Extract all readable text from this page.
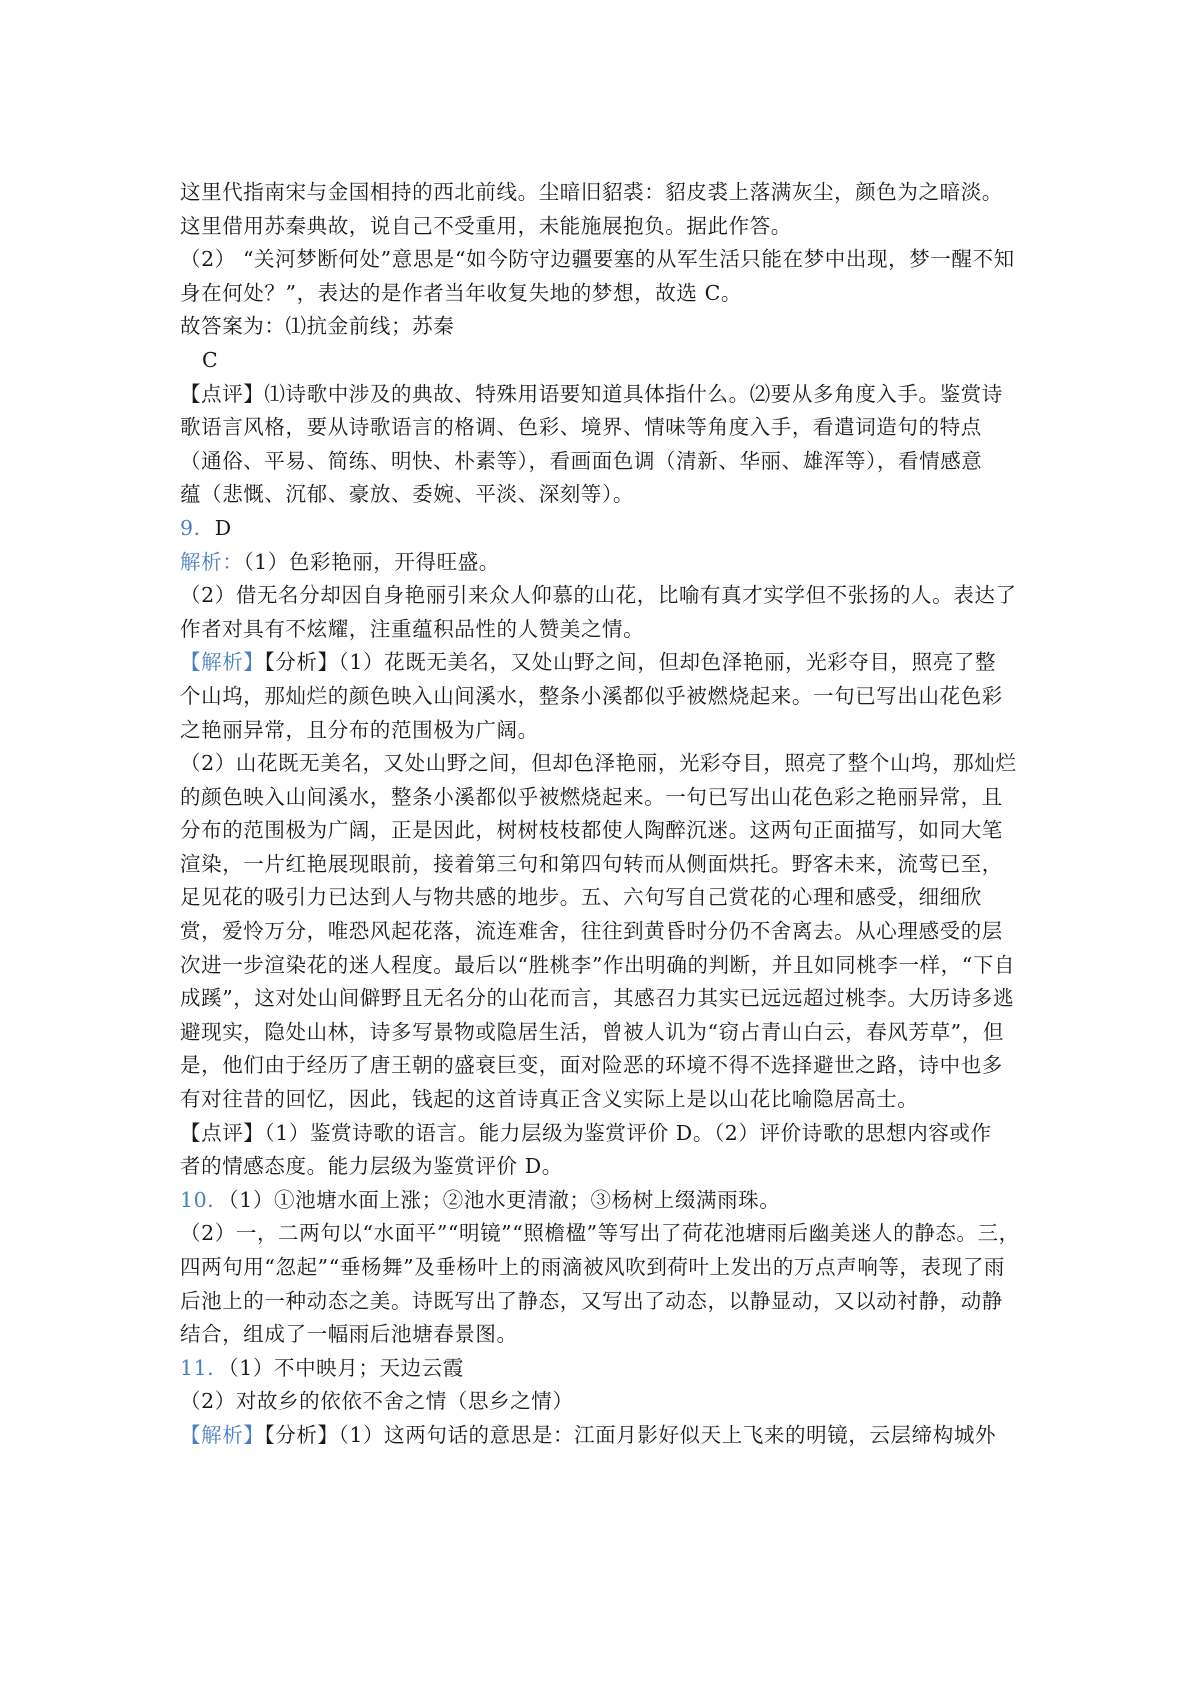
这里代指南宋与金国相持的西北前线。尘暗旧貂裘：貂皮裘上落满灰尘，颜色为之暗淡。
这里借用苏秦典故，说自己不受重用，未能施展抱负。据此作答。
（2） “关河梦断何处”意思是“如今防守边疆要塞的从军生活只能在梦中出现，梦一醒不知
身在何处？”，表达的是作者当年收复失地的梦想，故选 C。
故答案为：⑴抗金前线；苏秦
C
【点评】⑴诗歌中涉及的典故、特殊用语要知道具体指什么。⑵要从多角度入手。鉴赏诗
歌语言风格，要从诗歌语言的格调、色彩、境界、情味等角度入手，看遣词造句的特点
（通俗、平易、简练、明快、朴素等），看画面色调（清新、华丽、雄浑等），看情感意
蕴（悲慨、沉郁、豪放、委婉、平淡、深刻等）。
9．D
解析：（1）色彩艳丽，开得旺盛。
（2）借无名分却因自身艳丽引来众人仰慕的山花，比喻有真才实学但不张扬的人。表达了
作者对具有不炫耀，注重蕴积品性的人赞美之情。
【解析】【分析】（1）花既无美名，又处山野之间，但却色泽艳丽，光彩夺目，照亮了整
个山坞，那灿烂的颜色映入山间溪水，整条小溪都似乎被燃烧起来。一句已写出山花色彩
之艳丽异常，且分布的范围极为广阔。
（2）山花既无美名，又处山野之间，但却色泽艳丽，光彩夺目，照亮了整个山坞，那灿烂
的颜色映入山间溪水，整条小溪都似乎被燃烧起来。一句已写出山花色彩之艳丽异常，且
分布的范围极为广阔，正是因此，树树枝枝都使人陶醉沉迷。这两句正面描写，如同大笔
渲染，一片红艳展现眼前，接着第三句和第四句转而从侧面烘托。野客未来，流莺已至，
足见花的吸引力已达到人与物共感的地步。五、六句写自己赏花的心理和感受，细细欣
赏，爱怜万分，唯恐风起花落，流连难舍，往往到黄昏时分仍不舍离去。从心理感受的层
次进一步渲染花的迷人程度。最后以“胜桃李”作出明确的判断，并且如同桃李一样，“下自
成蹊”，这对处山间僻野且无名分的山花而言，其感召力其实已远远超过桃李。大历诗多逃
避现实，隐处山林，诗多写景物或隐居生活，曾被人讥为“窃占青山白云，春风芳草”，但
是，他们由于经历了唐王朝的盛衰巨变，面对险恶的环境不得不选择避世之路，诗中也多
有对往昔的回忆，因此，钱起的这首诗真正含义实际上是以山花比喻隐居高士。
【点评】（1）鉴赏诗歌的语言。能力层级为鉴赏评价 D。（2）评价诗歌的思想内容或作
者的情感态度。能力层级为鉴赏评价 D。
10．（1）①池塘水面上涨；②池水更清澈；③杨树上缀满雨珠。
（2）一，二两句以“水面平”“明镜”“照檐楹”等写出了荷花池塘雨后幽美迷人的静态。三，
四两句用“忽起”“垂杨舞”及垂杨叶上的雨滴被风吹到荷叶上发出的万点声响等，表现了雨
后池上的一种动态之美。诗既写出了静态，又写出了动态，以静显动，又以动衬静，动静
结合，组成了一幅雨后池塘春景图。
11．（1）不中映月；天边云霞
（2）对故乡的依依不舍之情（思乡之情）
【解析】【分析】（1）这两句话的意思是：江面月影好似天上飞来的明镜，云层缔构城外
